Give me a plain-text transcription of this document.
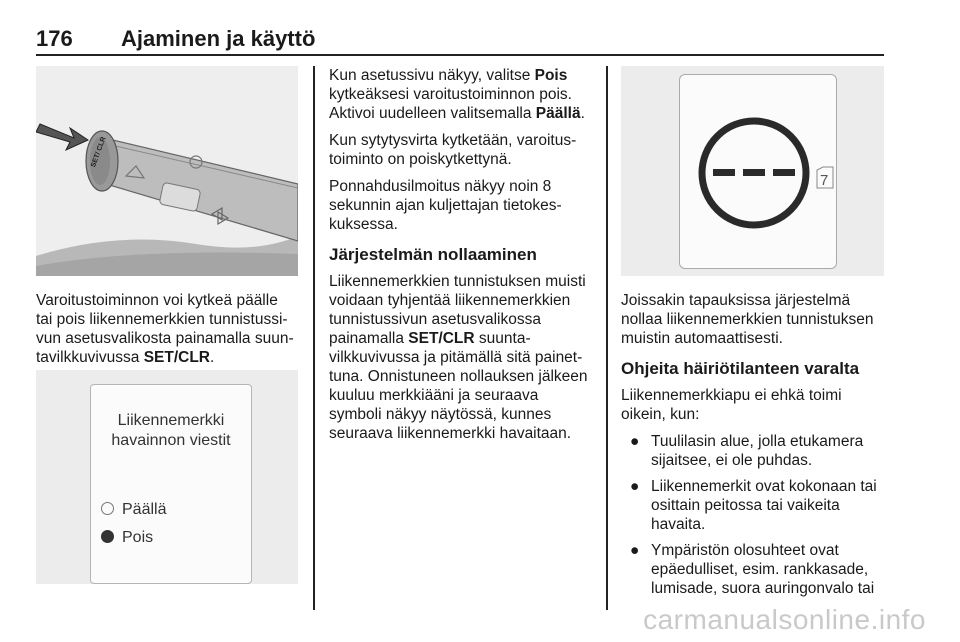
176 Ajaminen ja käyttö
SET/ CLR

Varoitustoiminnon voi kytkeä päälle tai pois liikennemerkkien tunnistussivun asetusvalikosta painamalla suuntavilkkuvivussa SET/CLR.

Liikennemerkki havainnon viestit
Päällä
Pois

Kun asetussivu näkyy, valitse Pois kytkeäksesi varoitustoiminnon pois. Aktivoi uudelleen valitsemalla Päällä.

Kun sytytysvirta kytketään, varoitustoiminto on poiskytkettynä.

Ponnahdusilmoitus näkyy noin 8 sekunnin ajan kuljettajan tietokeskuksessa.

Järjestelmän nollaaminen

Liikennemerkkien tunnistuksen muisti voidaan tyhjentää liikennemerkkien tunnistussivun asetusvalikossa painamalla SET/CLR suuntavilkkuvivussa ja pitämällä sitä painettuna. Onnistuneen nollauksen jälkeen kuuluu merkkiääni ja seuraava symboli näkyy näytössä, kunnes seuraava liikennemerkki havaitaan.

7

Joissakin tapauksissa järjestelmä nollaa liikennemerkkien tunnistuksen muistin automaattisesti.

Ohjeita häiriötilanteen varalta

Liikennemerkkiapu ei ehkä toimi oikein, kun:

● Tuulilasin alue, jolla etukamera sijaitsee, ei ole puhdas.
● Liikennemerkit ovat kokonaan tai osittain peitossa tai vaikeita havaita.
● Ympäristön olosuhteet ovat epäedulliset, esim. rankkasade, lumisade, suora auringonvalo tai
carmanualsonline.info
